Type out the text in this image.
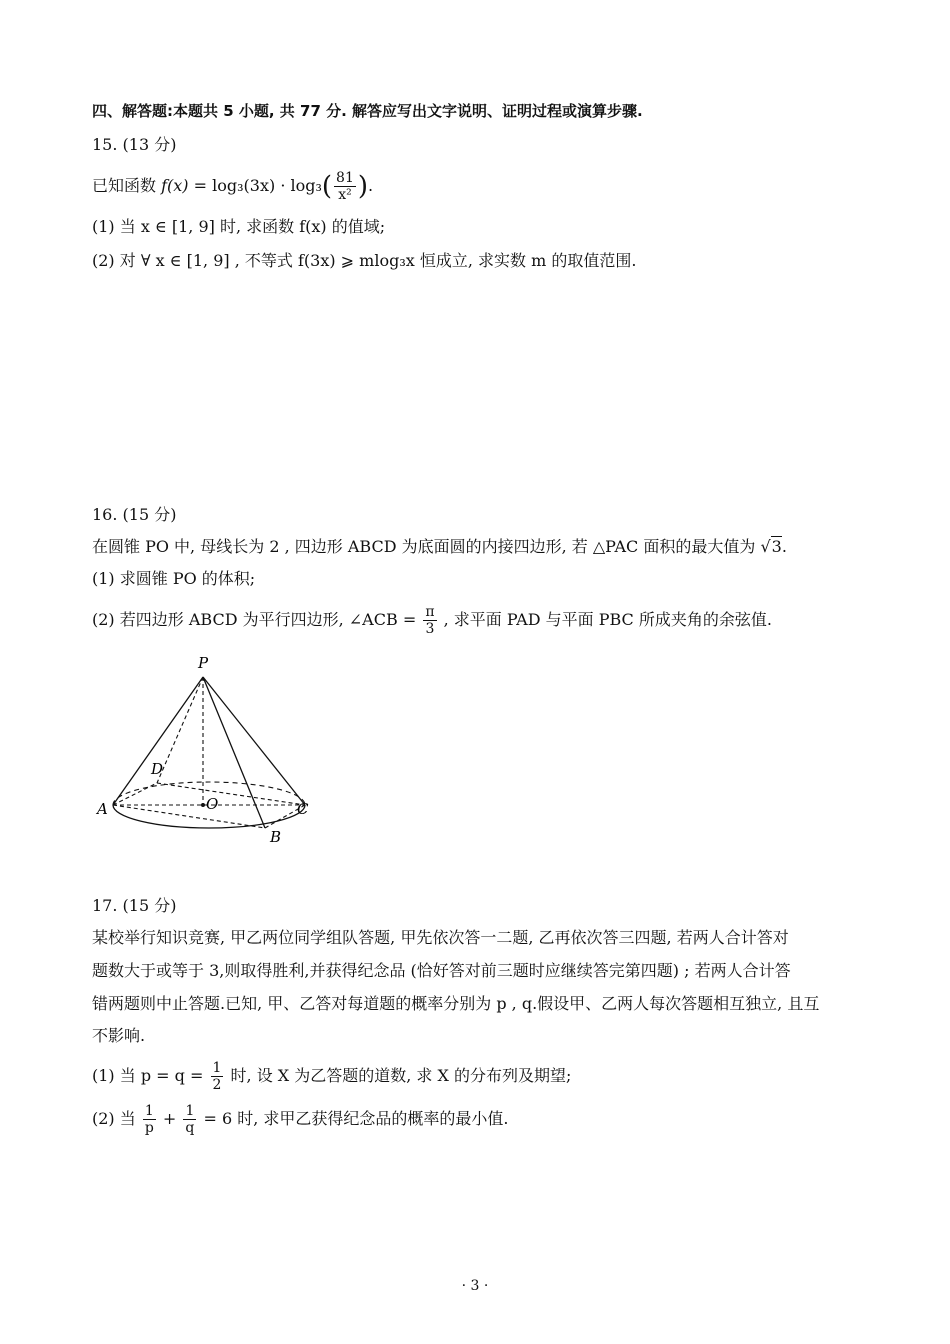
四、解答题:本题共 5 小题, 共 77 分. 解答应写出文字说明、证明过程或演算步骤.
15. (13 分)
已知函数 $f(x) = \log_3(3x) \cdot \log_3( \frac{81}{\text{x²}}$ ).
(1) 当 x ∈ [1, 9] 时, 求函数 f(x) 的值域;
(2) 对 ∀ x ∈ [1, 9] , 不等式 f(3x) ⩾ mlog₃x 恒成立, 求实数 m 的取值范围.
16. (15 分)
在圆锥 PO 中, 母线长为 2 , 四边形 ABCD 为底面圆的内接四边形, 若 △PAC 面积的最大值为 √3.
(1) 求圆锥 PO 的体积;
(2) 若四边形 ABCD 为平行四边形, ∠ACB = $\frac{\pi}{3}$ , 求平面 PAD 与平面 PBC 所成夹角的余弦值.
P
D
A	O	C
B
17. (15 分)
某校举行知识竞赛, 甲乙两位同学组队答题, 甲先依次答一二题, 乙再依次答三四题, 若两人合计答对
题数大于或等于 3,则取得胜利,并获得纪念品 (恰好答对前三题时应继续答完第四题) ; 若两人合计答
错两题则中止答题.已知, 甲、乙答对每道题的概率分别为 p , q.假设甲、乙两人每次答题相互独立, 且互
不影响.
(1) 当 $p = q = \frac{1}{2}$ 时, 设 X 为乙答题的道数, 求 X 的分布列及期望;
(2) 当 $\frac{1}{p} + \frac{1}{q} = 6$ 时, 求甲乙获得纪念品的概率的最小值.
· 3 ·
